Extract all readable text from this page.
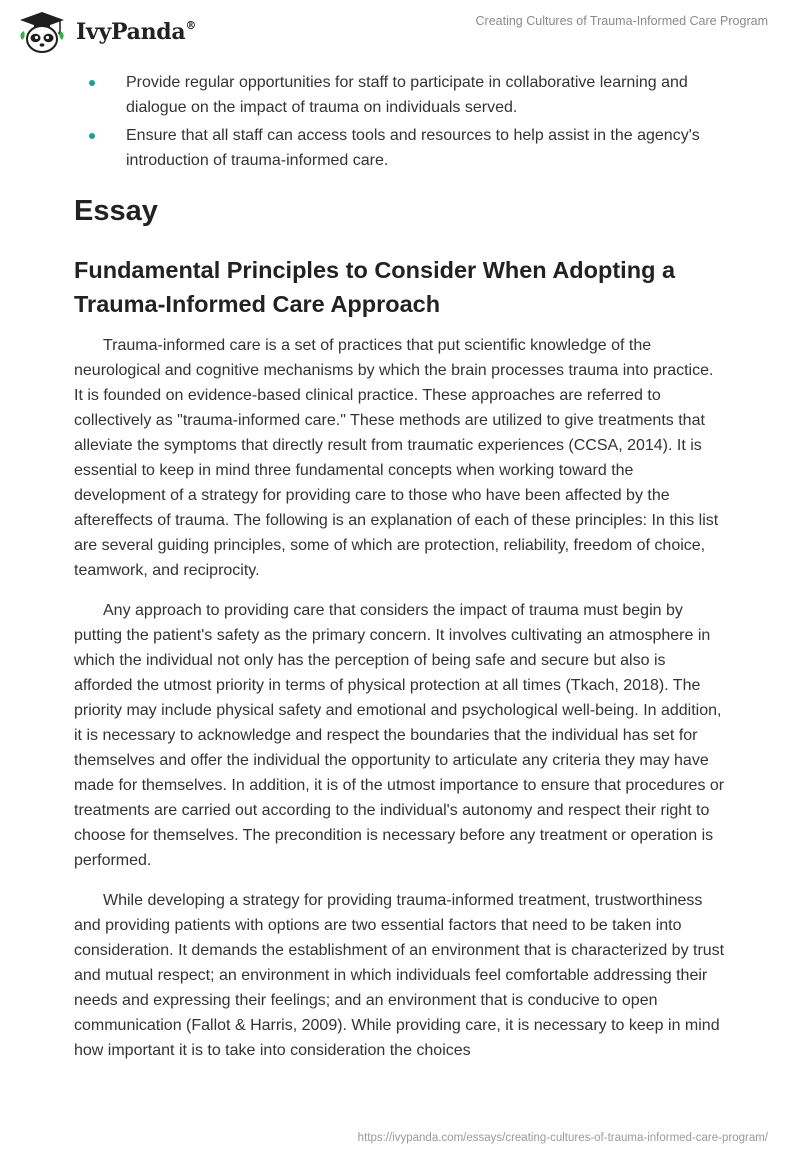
IvyPanda®	Creating Cultures of Trauma-Informed Care Program
Provide regular opportunities for staff to participate in collaborative learning and dialogue on the impact of trauma on individuals served.
Ensure that all staff can access tools and resources to help assist in the agency's introduction of trauma-informed care.
Essay
Fundamental Principles to Consider When Adopting a Trauma-Informed Care Approach

Trauma-informed care is a set of practices that put scientific knowledge of the neurological and cognitive mechanisms by which the brain processes trauma into practice. It is founded on evidence-based clinical practice. These approaches are referred to collectively as "trauma-informed care." These methods are utilized to give treatments that alleviate the symptoms that directly result from traumatic experiences (CCSA, 2014). It is essential to keep in mind three fundamental concepts when working toward the development of a strategy for providing care to those who have been affected by the aftereffects of trauma. The following is an explanation of each of these principles: In this list are several guiding principles, some of which are protection, reliability, freedom of choice, teamwork, and reciprocity.

Any approach to providing care that considers the impact of trauma must begin by putting the patient's safety as the primary concern. It involves cultivating an atmosphere in which the individual not only has the perception of being safe and secure but also is afforded the utmost priority in terms of physical protection at all times (Tkach, 2018). The priority may include physical safety and emotional and psychological well-being. In addition, it is necessary to acknowledge and respect the boundaries that the individual has set for themselves and offer the individual the opportunity to articulate any criteria they may have made for themselves. In addition, it is of the utmost importance to ensure that procedures or treatments are carried out according to the individual's autonomy and respect their right to choose for themselves. The precondition is necessary before any treatment or operation is performed.

While developing a strategy for providing trauma-informed treatment, trustworthiness and providing patients with options are two essential factors that need to be taken into consideration. It demands the establishment of an environment that is characterized by trust and mutual respect; an environment in which individuals feel comfortable addressing their needs and expressing their feelings; and an environment that is conducive to open communication (Fallot & Harris, 2009). While providing care, it is necessary to keep in mind how important it is to take into consideration the choices

https://ivypanda.com/essays/creating-cultures-of-trauma-informed-care-program/
